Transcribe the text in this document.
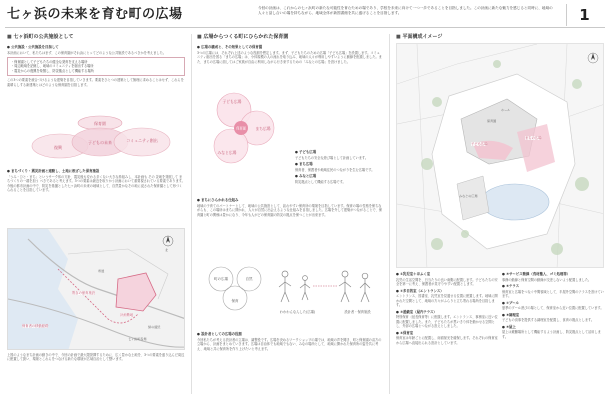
七ヶ浜の未来を育む町の広場	今回の計画は、これからの七ヶ浜町の新たな可能性を育むための場であり、学校を未来に向けて一つ一歩であることを目指しました。この計画に新たな魅力を感じると同時に、地域の人々と話し合いの場を持ちながら、地域全体が新図書館を共に盛げることを目指します。	1
■ 七ヶ浜町の公共施設として
● 公共施設・公共施設を目指して
本計画において、私たちはまず、この保育園がそれ浜にとってどのような公共施設であるべきかを考えました。
・保育園として子どもたちの健全な発育を支える場所
・周辺地域を記憶し、地域のコミュニティを創出する場所
・震災からの復興を象徴し、防災拠点として機能する場所
この3つの要素を統合づけるような建築を目指していきます。要素をひとつの建築として無理に求めることはせず、これらを素晴らしする新建築とはどのような保育園を目指します。
保育園
復興
子どもの未来	コミュニティ創出
● まちづくり・震災計画と連動し、土地に根ざした保育施設
「うみ・ひと・まち」というサーク体の方針、震災後も変わる多くない大きな枠組みし、本計画も その 災地を発展して まちづくりの一端を担う べきであると考えます。3つの要素は最近を取りかう計画において重要視されている要素であります。今後の都市計画の中で、防災を基盤とした七ヶ浜町の未来の地域として、自然豊かなその地に浸された保育園として形づくられることを目指しています。
北
県道
既存の保育施設
計画敷地
保育者の移動経路	緑の連続
七ヶ浜町役場
上図のようなまち計画の動きの中で、今回の計画で最大限発揮するために、広く豊かな土地を、3つの要素を盛り込んだ周辺に配置して扱い、環境とこれらをつなげる新たな環境が広域自治として整います。
■ 広場からつくる町にひらかれた保育園
● 広場の構成と、その効果としての保育園
3つの広場には、それぞれ上述のような役割を想定します。まず、子どもたちのための広場「子ども広場」を設置します。コミュニティ創出を図る「まちの広場」は、小体規模の人の流れを取り込み、地域の人々が利用しやすいように動線を配慮しました。また、まちの広場に面してはご家族が自由に利用しながら行き来するための「みなとの広場」を設けました。
子ども広場
まち広場
みなと広場
保育園
● 子ども広場
子どもたちの安全な遊び場として計画しています。
● まち広場
保育者、保護者や地域住民のつながりを生む広場です。
● みなと広場
防災拠点として機能する広場です。
● まちにひらかれる仕組み
地域の子育てのパートナーとして、地域の公共施設として、訪れやすい保育所の環境を目指しています。保育の場の性格を保ちながらも、この場所はまちに開かれ、人々が自然に出会えるような仕組みを目指しました。広場を介して建築がつながることで、保育園と町の関係は豊かになり、今年も人がどの保育園の防災の拠点を保つことが出来ます。
町の広場	自然
保育
わわわんなんした(広場)	設計者・保育施設
● 設計者としての広場の役割
今回私たちが考える設計者の立場は、調整役です。広場を決めるワークショップの場では、地域の声を聞き、町と保育園の双方の立場から、計画をまとめていきます。広場は自治体でも地域でもない、みなの場所として、地域に開かれた保育所の姿を共に考え、地域と共に保育所を作り上げたいと考えます。
■ 平面構成イメージ
子ども広場
まちの広場
みなとの広場
保育園
ホール
● ①乳児室＋ほふく室
乳児の生活空間を、日当たりの良い南側に配置します。子どもたちの安全を第一に考え、保護者が見守りやすい配置とします。
● ②多目的室（エントランス）
エントランス、図書室、乳児室を見通せる位置に配置します。地域に開かれた空間として、地域の方々がふらりと立ち寄れる場所を目指します。
● ③遊戯室（屋内テラス）
特別保育（延長保育等）に配慮します。エントランス、事務室に近い位置に配置しました。また、子どもたちが思いきり体を動かせる空間とし、外部の広場とつながる設えとしました。
● ④保育室
保育室は年齢ごとに配置し、南面採光を確保します。それぞれの保育室から広場へ直接出られる設計としています。
● ⑤サービス動線（食材搬入、ゴミ処理等）
事務の動線と保育空間の動線が交差しないよう配置しました。
● ⑥テラス
保育室と広場をつなぐ中間領域として、半屋外空間のテラスを設けています。
● ⑦プール
夏季のプール遊びの場として、保育室から近い位置に配置しています。
● ⑧調理室
子どもの食事を提供する調理室を配置し、食育の拠点とします。
● ⑨屋上
屋上は避難場所として機能するよう計画し、防災拠点として活用します。
